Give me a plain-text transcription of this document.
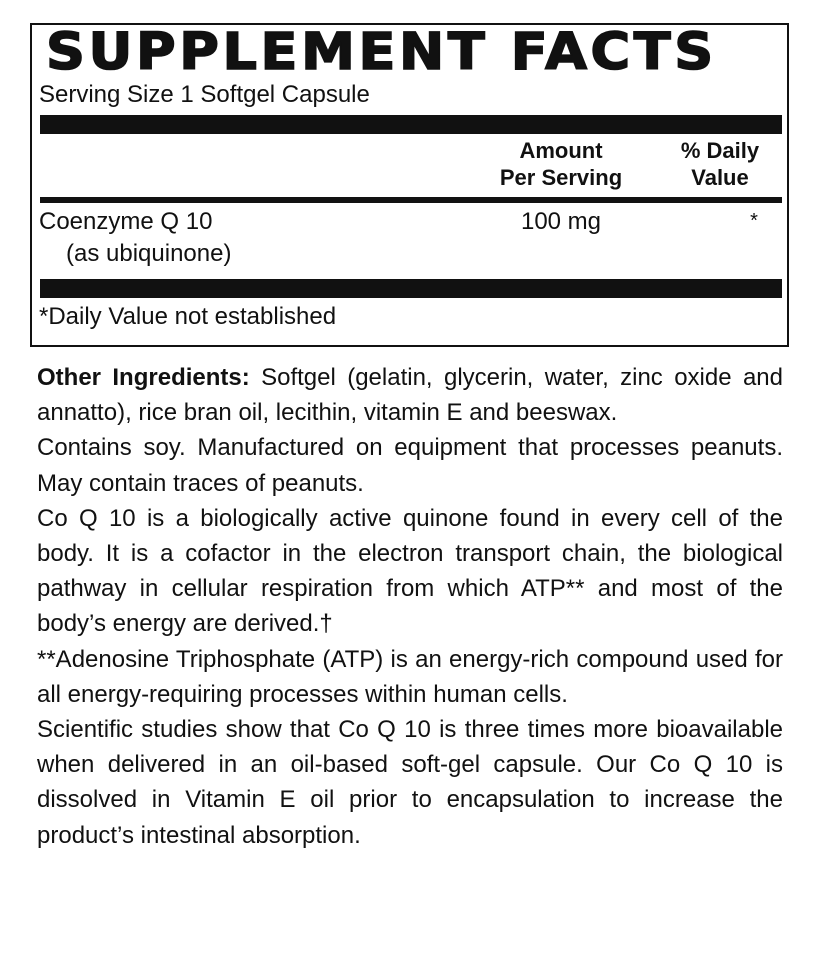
SUPPLEMENT FACTS
Serving Size 1 Softgel Capsule
Amount
Per Serving
% Daily
Value
Coenzyme Q 10
(as ubiquinone)
100 mg	*
*Daily Value not established

Other Ingredients: Softgel (gelatin, glycerin, water, zinc oxide and annatto), rice bran oil, lecithin, vitamin E and beeswax.

Contains soy. Manufactured on equipment that processes peanuts. May contain traces of peanuts.

Co Q 10 is a biologically active quinone found in every cell of the body. It is a cofactor in the electron transport chain, the biological pathway in cellular respiration from which ATP** and most of the body’s energy are derived.†

**Adenosine Triphosphate (ATP) is an energy-rich compound used for all energy-requiring processes within human cells.

Scientific studies show that Co Q 10 is three times more bioavailable when delivered in an oil-based soft-gel capsule. Our Co Q 10 is dissolved in Vitamin E oil prior to encapsulation to increase the product’s intestinal absorption.
